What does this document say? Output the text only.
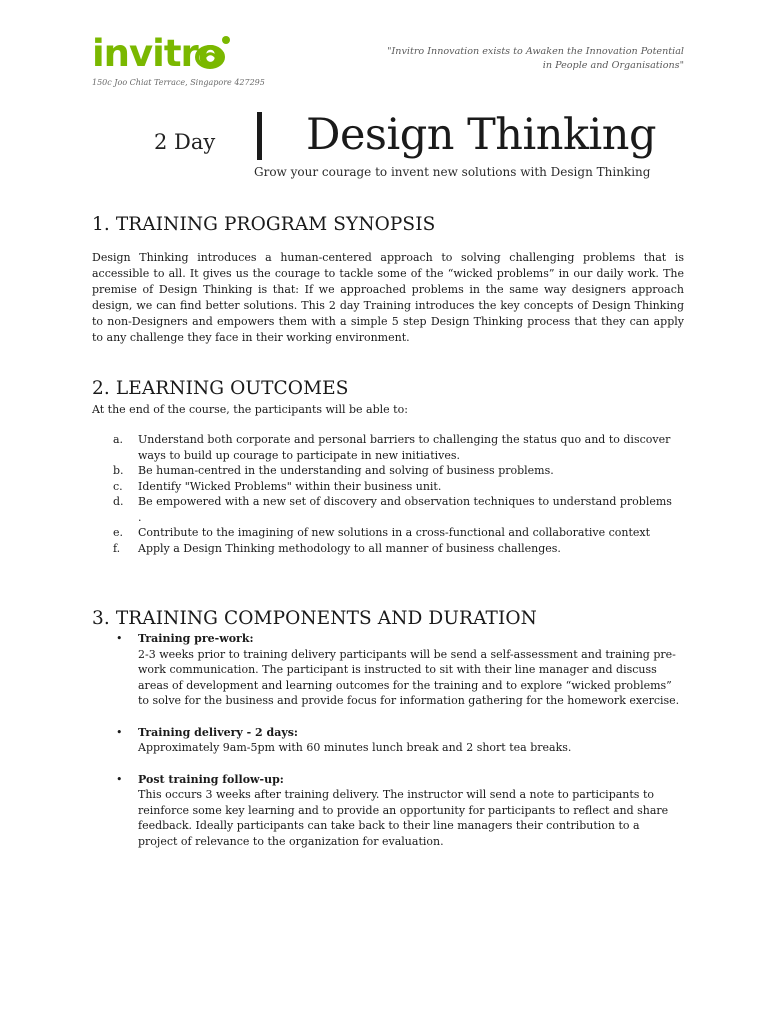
invitro
150c Joo Chiat Terrace, Singapore 427295
"Invitro Innovation exists to Awaken the Innovation Potential
in People and Organisations"
2 Day Design Thinking
Grow your courage to invent new solutions with Design Thinking
1. TRAINING PROGRAM SYNOPSIS
Design Thinking introduces a human-centered approach to solving challenging problems that is accessible to all. It gives us the courage to tackle some of the “wicked problems” in our daily work. The premise of Design Thinking is that: If we approached problems in the same way designers approach design, we can find better solutions. This 2 day Training introduces the key concepts of Design Thinking to non-Designers and empowers them with a simple 5 step Design Thinking process that they can apply to any challenge they face in their working environment.
2. LEARNING OUTCOMES
At the end of the course, the participants will be able to:
a. Understand both corporate and personal barriers to challenging the status quo and to discover ways to build up courage to participate in new initiatives.
b. Be human-centred in the understanding and solving of business problems.
c. Identify "Wicked Problems" within their business unit.
d. Be empowered with a new set of discovery and observation techniques to understand problems .
e. Contribute to the imagining of new solutions in a cross-functional and collaborative context
f. Apply a Design Thinking methodology to all manner of business challenges.
3. TRAINING COMPONENTS AND DURATION
• Training pre-work:
2-3 weeks prior to training delivery participants will be send a self-assessment and training pre-work communication. The participant is instructed to sit with their line manager and discuss areas of development and learning outcomes for the training and to explore “wicked problems” to solve for the business and provide focus for information gathering for the homework exercise.
• Training delivery - 2 days:
Approximately 9am-5pm with 60 minutes lunch break and 2 short tea breaks.
• Post training follow-up:
This occurs 3 weeks after training delivery. The instructor will send a note to participants to reinforce some key learning and to provide an opportunity for participants to reflect and share feedback. Ideally participants can take back to their line managers their contribution to a project of relevance to the organization for evaluation.
